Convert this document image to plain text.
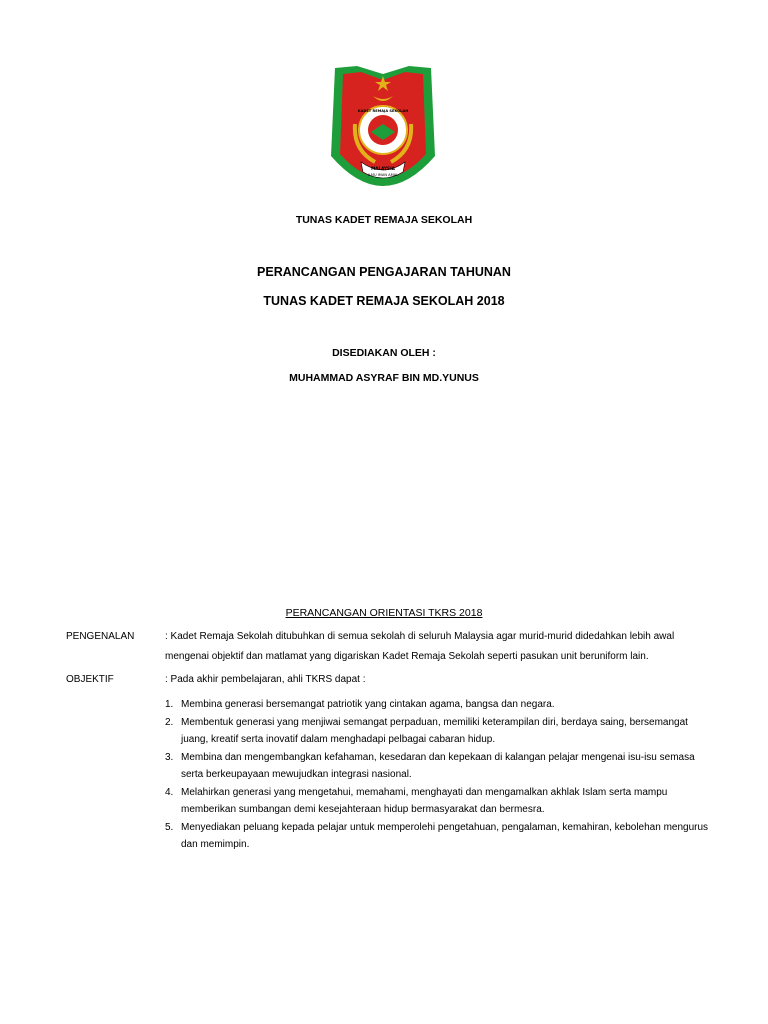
MALAYSIA
ILMU IMAN AMAL
KADET REMAJA SEKOLAH
TUNAS KADET REMAJA SEKOLAH
PERANCANGAN PENGAJARAN TAHUNAN
TUNAS KADET REMAJA SEKOLAH 2018
DISEDIAKAN OLEH :
MUHAMMAD ASYRAF BIN MD.YUNUS
PERANCANGAN ORIENTASI TKRS 2018
PENGENALAN	: Kadet Remaja Sekolah ditubuhkan di semua sekolah di seluruh Malaysia agar murid-murid didedahkan lebih awal
mengenai objektif dan matlamat yang digariskan Kadet Remaja Sekolah seperti pasukan unit beruniform lain.
OBJEKTIF	: Pada akhir pembelajaran, ahli TKRS dapat :
1. Membina generasi bersemangat patriotik yang cintakan agama, bangsa dan negara.
2. Membentuk generasi yang menjiwai semangat perpaduan, memiliki keterampilan diri, berdaya saing, bersemangat juang, kreatif serta inovatif dalam menghadapi pelbagai cabaran hidup.
3. Membina dan mengembangkan kefahaman, kesedaran dan kepekaan di kalangan pelajar mengenai isu-isu semasa serta berkeupayaan mewujudkan integrasi nasional.
4. Melahirkan generasi yang mengetahui, memahami, menghayati dan mengamalkan akhlak Islam serta mampu memberikan sumbangan demi kesejahteraan hidup bermasyarakat dan bermesra.
5. Menyediakan peluang kepada pelajar untuk memperolehi pengetahuan, pengalaman, kemahiran, kebolehan mengurus dan memimpin.
